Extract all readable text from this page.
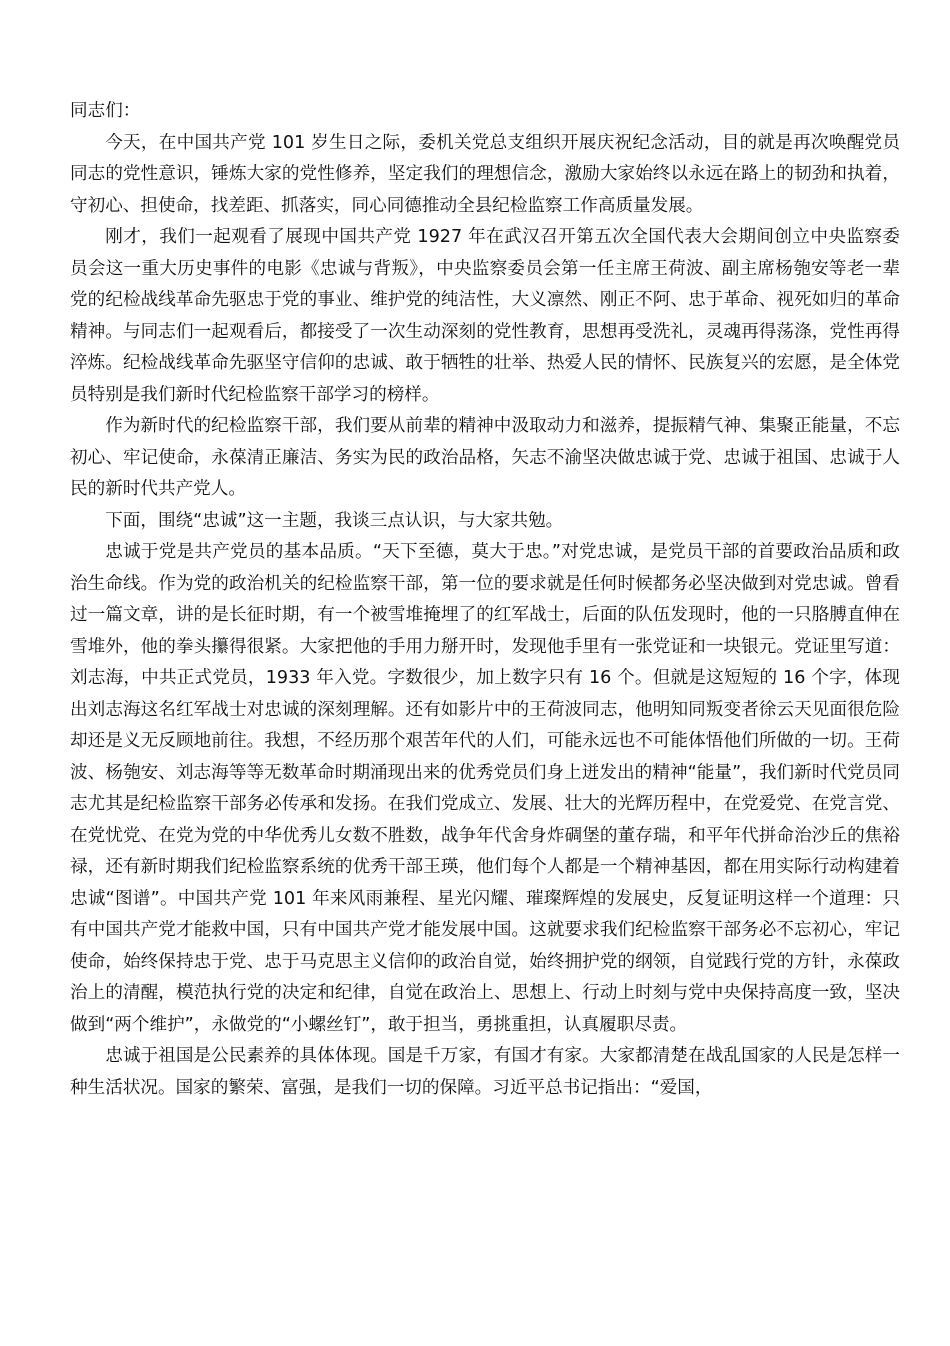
同志们：

今天，在中国共产党 101 岁生日之际，委机关党总支组织开展庆祝纪念活动，目的就是再次唤醒党员同志的党性意识，锤炼大家的党性修养，坚定我们的理想信念，激励大家始终以永远在路上的韧劲和执着，守初心、担使命，找差距、抓落实，同心同德推动全县纪检监察工作高质量发展。

刚才，我们一起观看了展现中国共产党 1927 年在武汉召开第五次全国代表大会期间创立中央监察委员会这一重大历史事件的电影《忠诚与背叛》，中央监察委员会第一任主席王荷波、副主席杨匏安等老一辈党的纪检战线革命先驱忠于党的事业、维护党的纯洁性，大义凛然、刚正不阿、忠于革命、视死如归的革命精神。与同志们一起观看后，都接受了一次生动深刻的党性教育，思想再受洗礼，灵魂再得荡涤，党性再得淬炼。纪检战线革命先驱坚守信仰的忠诚、敢于牺牲的壮举、热爱人民的情怀、民族复兴的宏愿，是全体党员特别是我们新时代纪检监察干部学习的榜样。

作为新时代的纪检监察干部，我们要从前辈的精神中汲取动力和滋养，提振精气神、集聚正能量，不忘初心、牢记使命，永葆清正廉洁、务实为民的政治品格，矢志不渝坚决做忠诚于党、忠诚于祖国、忠诚于人民的新时代共产党人。

下面，围绕“忠诚”这一主题，我谈三点认识，与大家共勉。

忠诚于党是共产党员的基本品质。“天下至德，莫大于忠。”对党忠诚，是党员干部的首要政治品质和政治生命线。作为党的政治机关的纪检监察干部，第一位的要求就是任何时候都务必坚决做到对党忠诚。曾看过一篇文章，讲的是长征时期，有一个被雪堆掩埋了的红军战士，后面的队伍发现时，他的一只胳膊直伸在雪堆外，他的拳头攥得很紧。大家把他的手用力掰开时，发现他手里有一张党证和一块银元。党证里写道：刘志海，中共正式党员，1933 年入党。字数很少，加上数字只有 16 个。但就是这短短的 16 个字，体现出刘志海这名红军战士对忠诚的深刻理解。还有如影片中的王荷波同志，他明知同叛变者徐云天见面很危险却还是义无反顾地前往。我想，不经历那个艰苦年代的人们，可能永远也不可能体悟他们所做的一切。王荷波、杨匏安、刘志海等等无数革命时期涌现出来的优秀党员们身上迸发出的精神“能量”，我们新时代党员同志尤其是纪检监察干部务必传承和发扬。在我们党成立、发展、壮大的光辉历程中，在党爱党、在党言党、在党忧党、在党为党的中华优秀儿女数不胜数，战争年代舍身炸碉堡的董存瑞，和平年代拼命治沙丘的焦裕禄，还有新时期我们纪检监察系统的优秀干部王瑛，他们每个人都是一个精神基因，都在用实际行动构建着忠诚“图谱”。中国共产党 101 年来风雨兼程、星光闪耀、璀璨辉煌的发展史，反复证明这样一个道理：只有中国共产党才能救中国，只有中国共产党才能发展中国。这就要求我们纪检监察干部务必不忘初心，牢记使命，始终保持忠于党、忠于马克思主义信仰的政治自觉，始终拥护党的纲领，自觉践行党的方针，永葆政治上的清醒，模范执行党的决定和纪律，自觉在政治上、思想上、行动上时刻与党中央保持高度一致，坚决做到“两个维护”，永做党的“小螺丝钉”，敢于担当，勇挑重担，认真履职尽责。

忠诚于祖国是公民素养的具体体现。国是千万家，有国才有家。大家都清楚在战乱国家的人民是怎样一种生活状况。国家的繁荣、富强，是我们一切的保障。习近平总书记指出：“爱国，
